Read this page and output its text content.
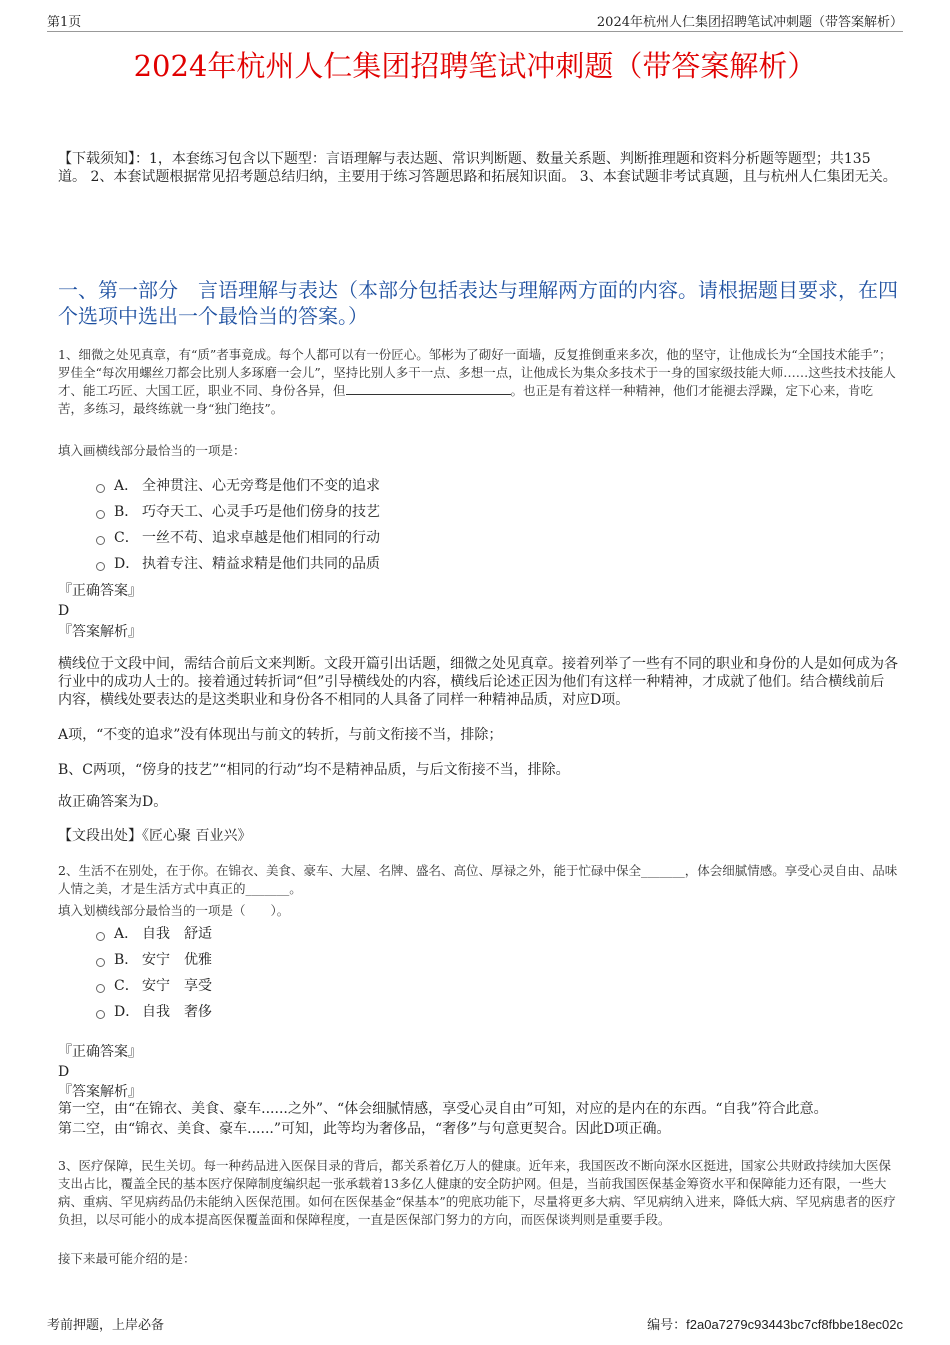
第1页	2024年杭州人仁集团招聘笔试冲刺题（带答案解析）
2024年杭州人仁集团招聘笔试冲刺题（带答案解析）
【下载须知】：1，本套练习包含以下题型：言语理解与表达题、常识判断题、数量关系题、判断推理题和资料分析题等题型；共135道。 2、本套试题根据常见招考题总结归纳，主要用于练习答题思路和拓展知识面。 3、本套试题非考试真题，且与杭州人仁集团无关。
一、第一部分　言语理解与表达（本部分包括表达与理解两方面的内容。请根据题目要求，在四个选项中选出一个最恰当的答案。）
1、细微之处见真章，有“质”者事竟成。每个人都可以有一份匠心。邹彬为了砌好一面墙，反复推倒重来多次，他的坚守，让他成长为“全国技术能手”；罗佳全“每次用螺丝刀都会比别人多琢磨一会儿”，坚持比别人多干一点、多想一点，让他成长为集众多技术于一身的国家级技能大师……这些技术技能人才、能工巧匠、大国工匠，职业不同、身份各异，但	。也正是有着这样一种精神，他们才能褪去浮躁，定下心来，肯吃苦，多练习，最终练就一身“独门绝技”。
填入画横线部分最恰当的一项是：
A． 全神贯注、心无旁骛是他们不变的追求
B． 巧夺天工、心灵手巧是他们傍身的技艺
C． 一丝不苟、追求卓越是他们相同的行动
D． 执着专注、精益求精是他们共同的品质
『正确答案』
D
『答案解析』
横线位于文段中间，需结合前后文来判断。文段开篇引出话题，细微之处见真章。接着列举了一些有不同的职业和身份的人是如何成为各行业中的成功人士的。接着通过转折词“但”引导横线处的内容，横线后论述正因为他们有这样一种精神，才成就了他们。结合横线前后内容，横线处要表达的是这类职业和身份各不相同的人具备了同样一种精神品质，对应D项。
A项，“不变的追求”没有体现出与前文的转折，与前文衔接不当，排除；
B、C两项，“傍身的技艺”“相同的行动”均不是精神品质，与后文衔接不当，排除。
故正确答案为D。
【文段出处】《匠心聚 百业兴》
2、生活不在别处，在于你。在锦衣、美食、豪车、大屋、名牌、盛名、高位、厚禄之外，能于忙碌中保全_______，体会细腻情感。享受心灵自由、品味人情之美，才是生活方式中真正的_______。
填入划横线部分最恰当的一项是（　　）。
A． 自我　舒适
B． 安宁　优雅
C． 安宁　享受
D． 自我　奢侈
『正确答案』
D
『答案解析』
第一空，由“在锦衣、美食、豪车......之外”、“体会细腻情感，享受心灵自由”可知，对应的是内在的东西。“自我”符合此意。
第二空，由“锦衣、美食、豪车......”可知，此等均为奢侈品，“奢侈”与句意更契合。因此D项正确。
3、医疗保障，民生关切。每一种药品进入医保目录的背后，都关系着亿万人的健康。近年来，我国医改不断向深水区挺进，国家公共财政持续加大医保支出占比，覆盖全民的基本医疗保障制度编织起一张承载着13多亿人健康的安全防护网。但是，当前我国医保基金筹资水平和保障能力还有限，一些大病、重病、罕见病药品仍未能纳入医保范围。如何在医保基金“保基本”的兜底功能下，尽量将更多大病、罕见病纳入进来，降低大病、罕见病患者的医疗负担，以尽可能小的成本提高医保覆盖面和保障程度，一直是医保部门努力的方向，而医保谈判则是重要手段。
接下来最可能介绍的是：
考前押题，上岸必备	编号：f2a0a7279c93443bc7cf8fbbe18ec02c
